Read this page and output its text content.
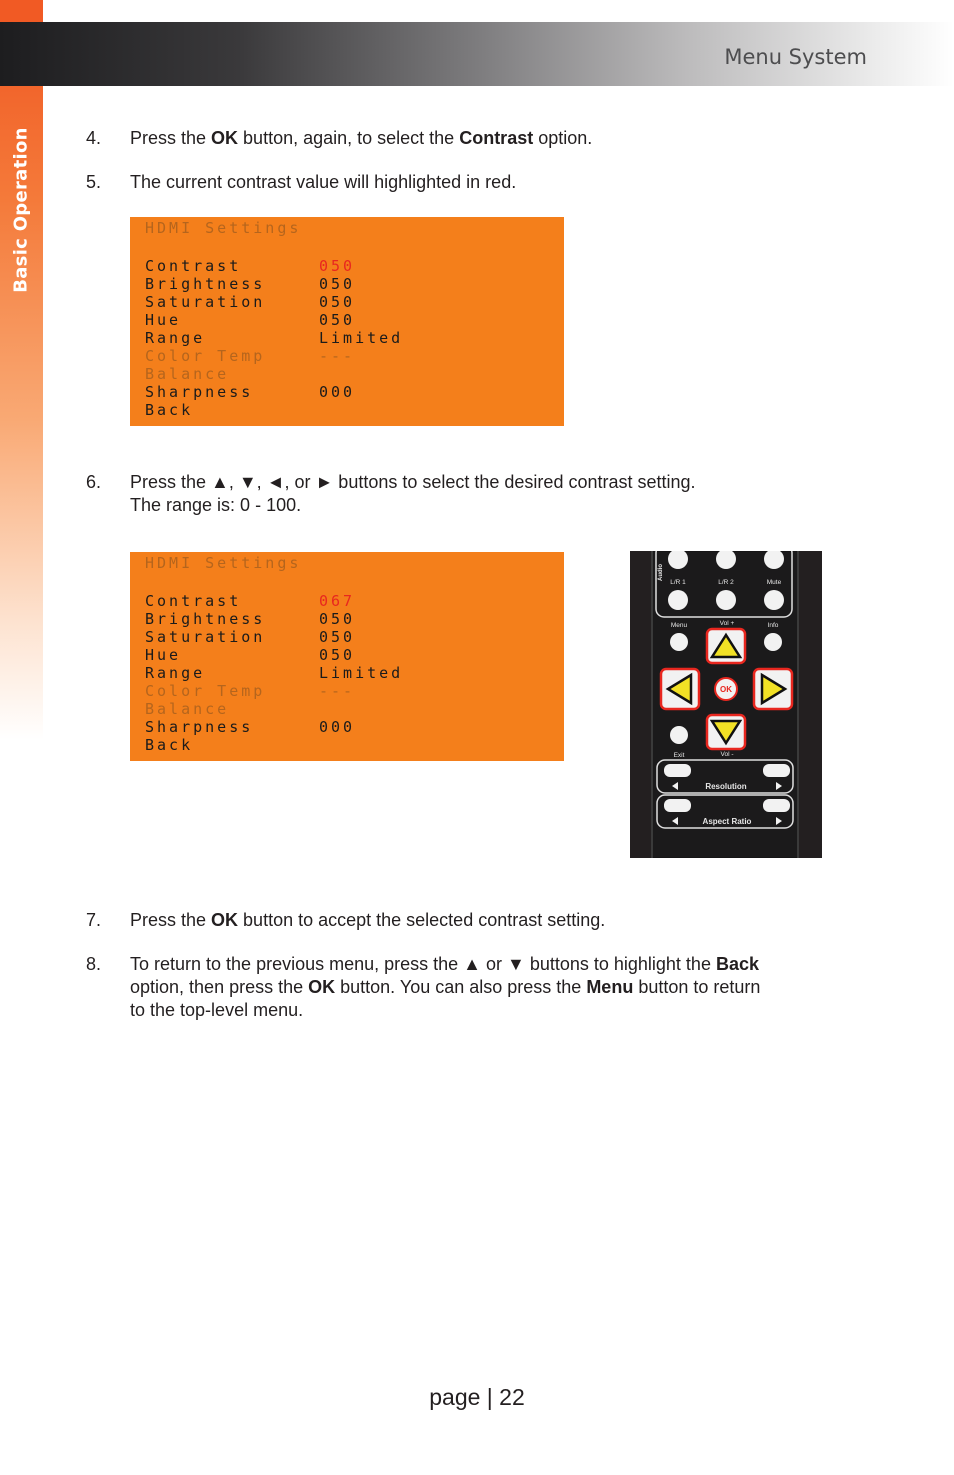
Basic Operation
Menu System
4. Press the OK button, again, to select the Contrast option.
5. The current contrast value will highlighted in red.
HDMI Settings
Contrast	050
Brightness	050
Saturation	050
Hue	050
Range	Limited
Color Temp	---
Balance
Sharpness	000
Back
6. Press the ▲, ▼, ◄, or ► buttons to select the desired contrast setting.
The range is: 0 - 100.
HDMI Settings
Contrast	067
Brightness	050
Saturation	050
Hue	050
Range	Limited
Color Temp	---
Balance
Sharpness	000
Back
Audio
L/R 1	L/R 2	Mute
Menu	Vol +	Info
OK
Exit	Vol -
Resolution
Aspect Ratio
7. Press the OK button to accept the selected contrast setting.
8. To return to the previous menu, press the ▲ or ▼ buttons to highlight the Back
option, then press the OK button. You can also press the Menu button to return
to the top-level menu.
page | 22
